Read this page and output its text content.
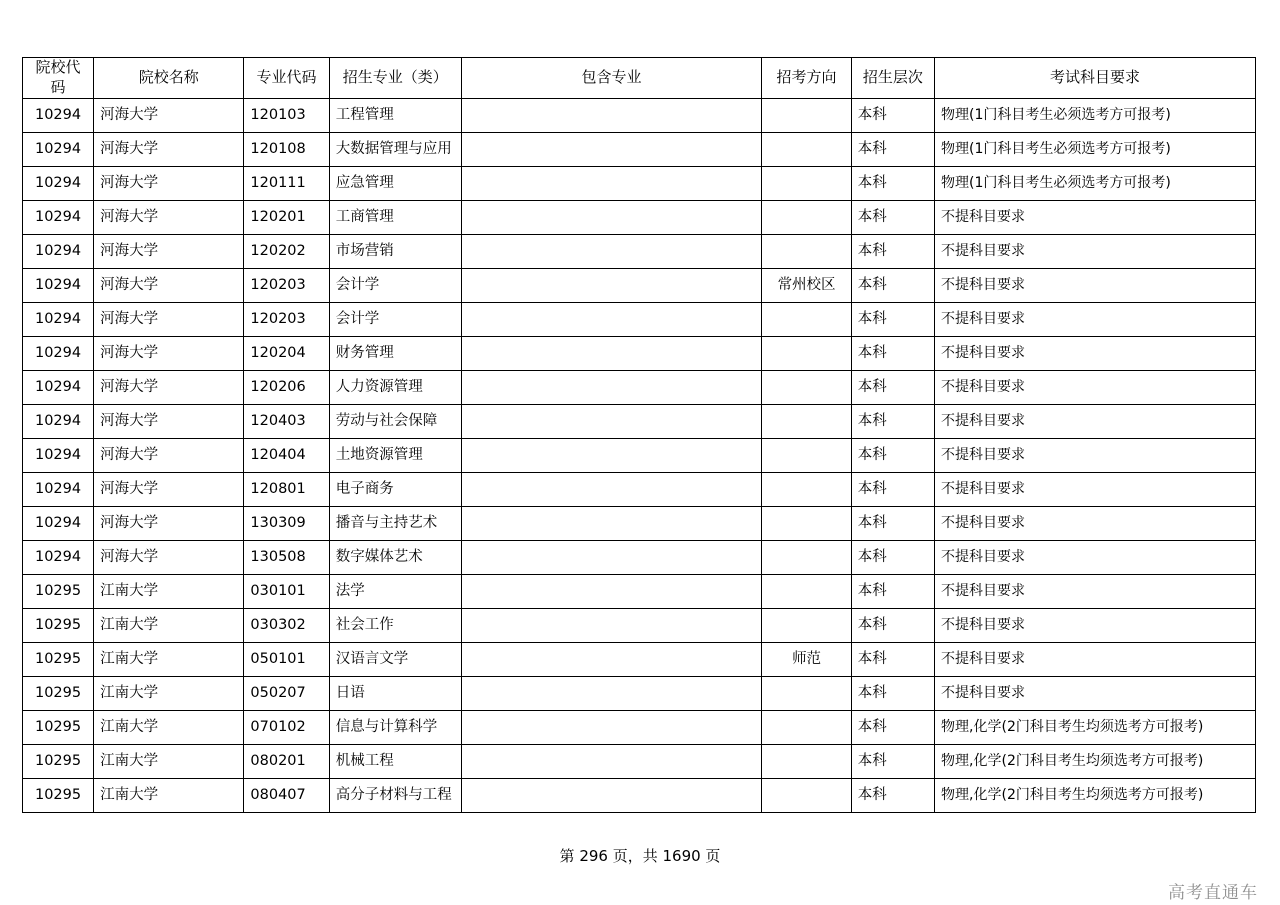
院校代码	院校名称	专业代码	招生专业（类）	包含专业	招考方向	招生层次	考试科目要求
10294	河海大学	120103	工程管理			本科	物理(1门科目考生必须选考方可报考)
10294	河海大学	120108	大数据管理与应用			本科	物理(1门科目考生必须选考方可报考)
10294	河海大学	120111	应急管理			本科	物理(1门科目考生必须选考方可报考)
10294	河海大学	120201	工商管理			本科	不提科目要求
10294	河海大学	120202	市场营销			本科	不提科目要求
10294	河海大学	120203	会计学		常州校区	本科	不提科目要求
10294	河海大学	120203	会计学			本科	不提科目要求
10294	河海大学	120204	财务管理			本科	不提科目要求
10294	河海大学	120206	人力资源管理			本科	不提科目要求
10294	河海大学	120403	劳动与社会保障			本科	不提科目要求
10294	河海大学	120404	土地资源管理			本科	不提科目要求
10294	河海大学	120801	电子商务			本科	不提科目要求
10294	河海大学	130309	播音与主持艺术			本科	不提科目要求
10294	河海大学	130508	数字媒体艺术			本科	不提科目要求
10295	江南大学	030101	法学			本科	不提科目要求
10295	江南大学	030302	社会工作			本科	不提科目要求
10295	江南大学	050101	汉语言文学		师范	本科	不提科目要求
10295	江南大学	050207	日语			本科	不提科目要求
10295	江南大学	070102	信息与计算科学			本科	物理,化学(2门科目考生均须选考方可报考)
10295	江南大学	080201	机械工程			本科	物理,化学(2门科目考生均须选考方可报考)
10295	江南大学	080407	高分子材料与工程			本科	物理,化学(2门科目考生均须选考方可报考)
第 296 页，共 1690 页
高考直通车
